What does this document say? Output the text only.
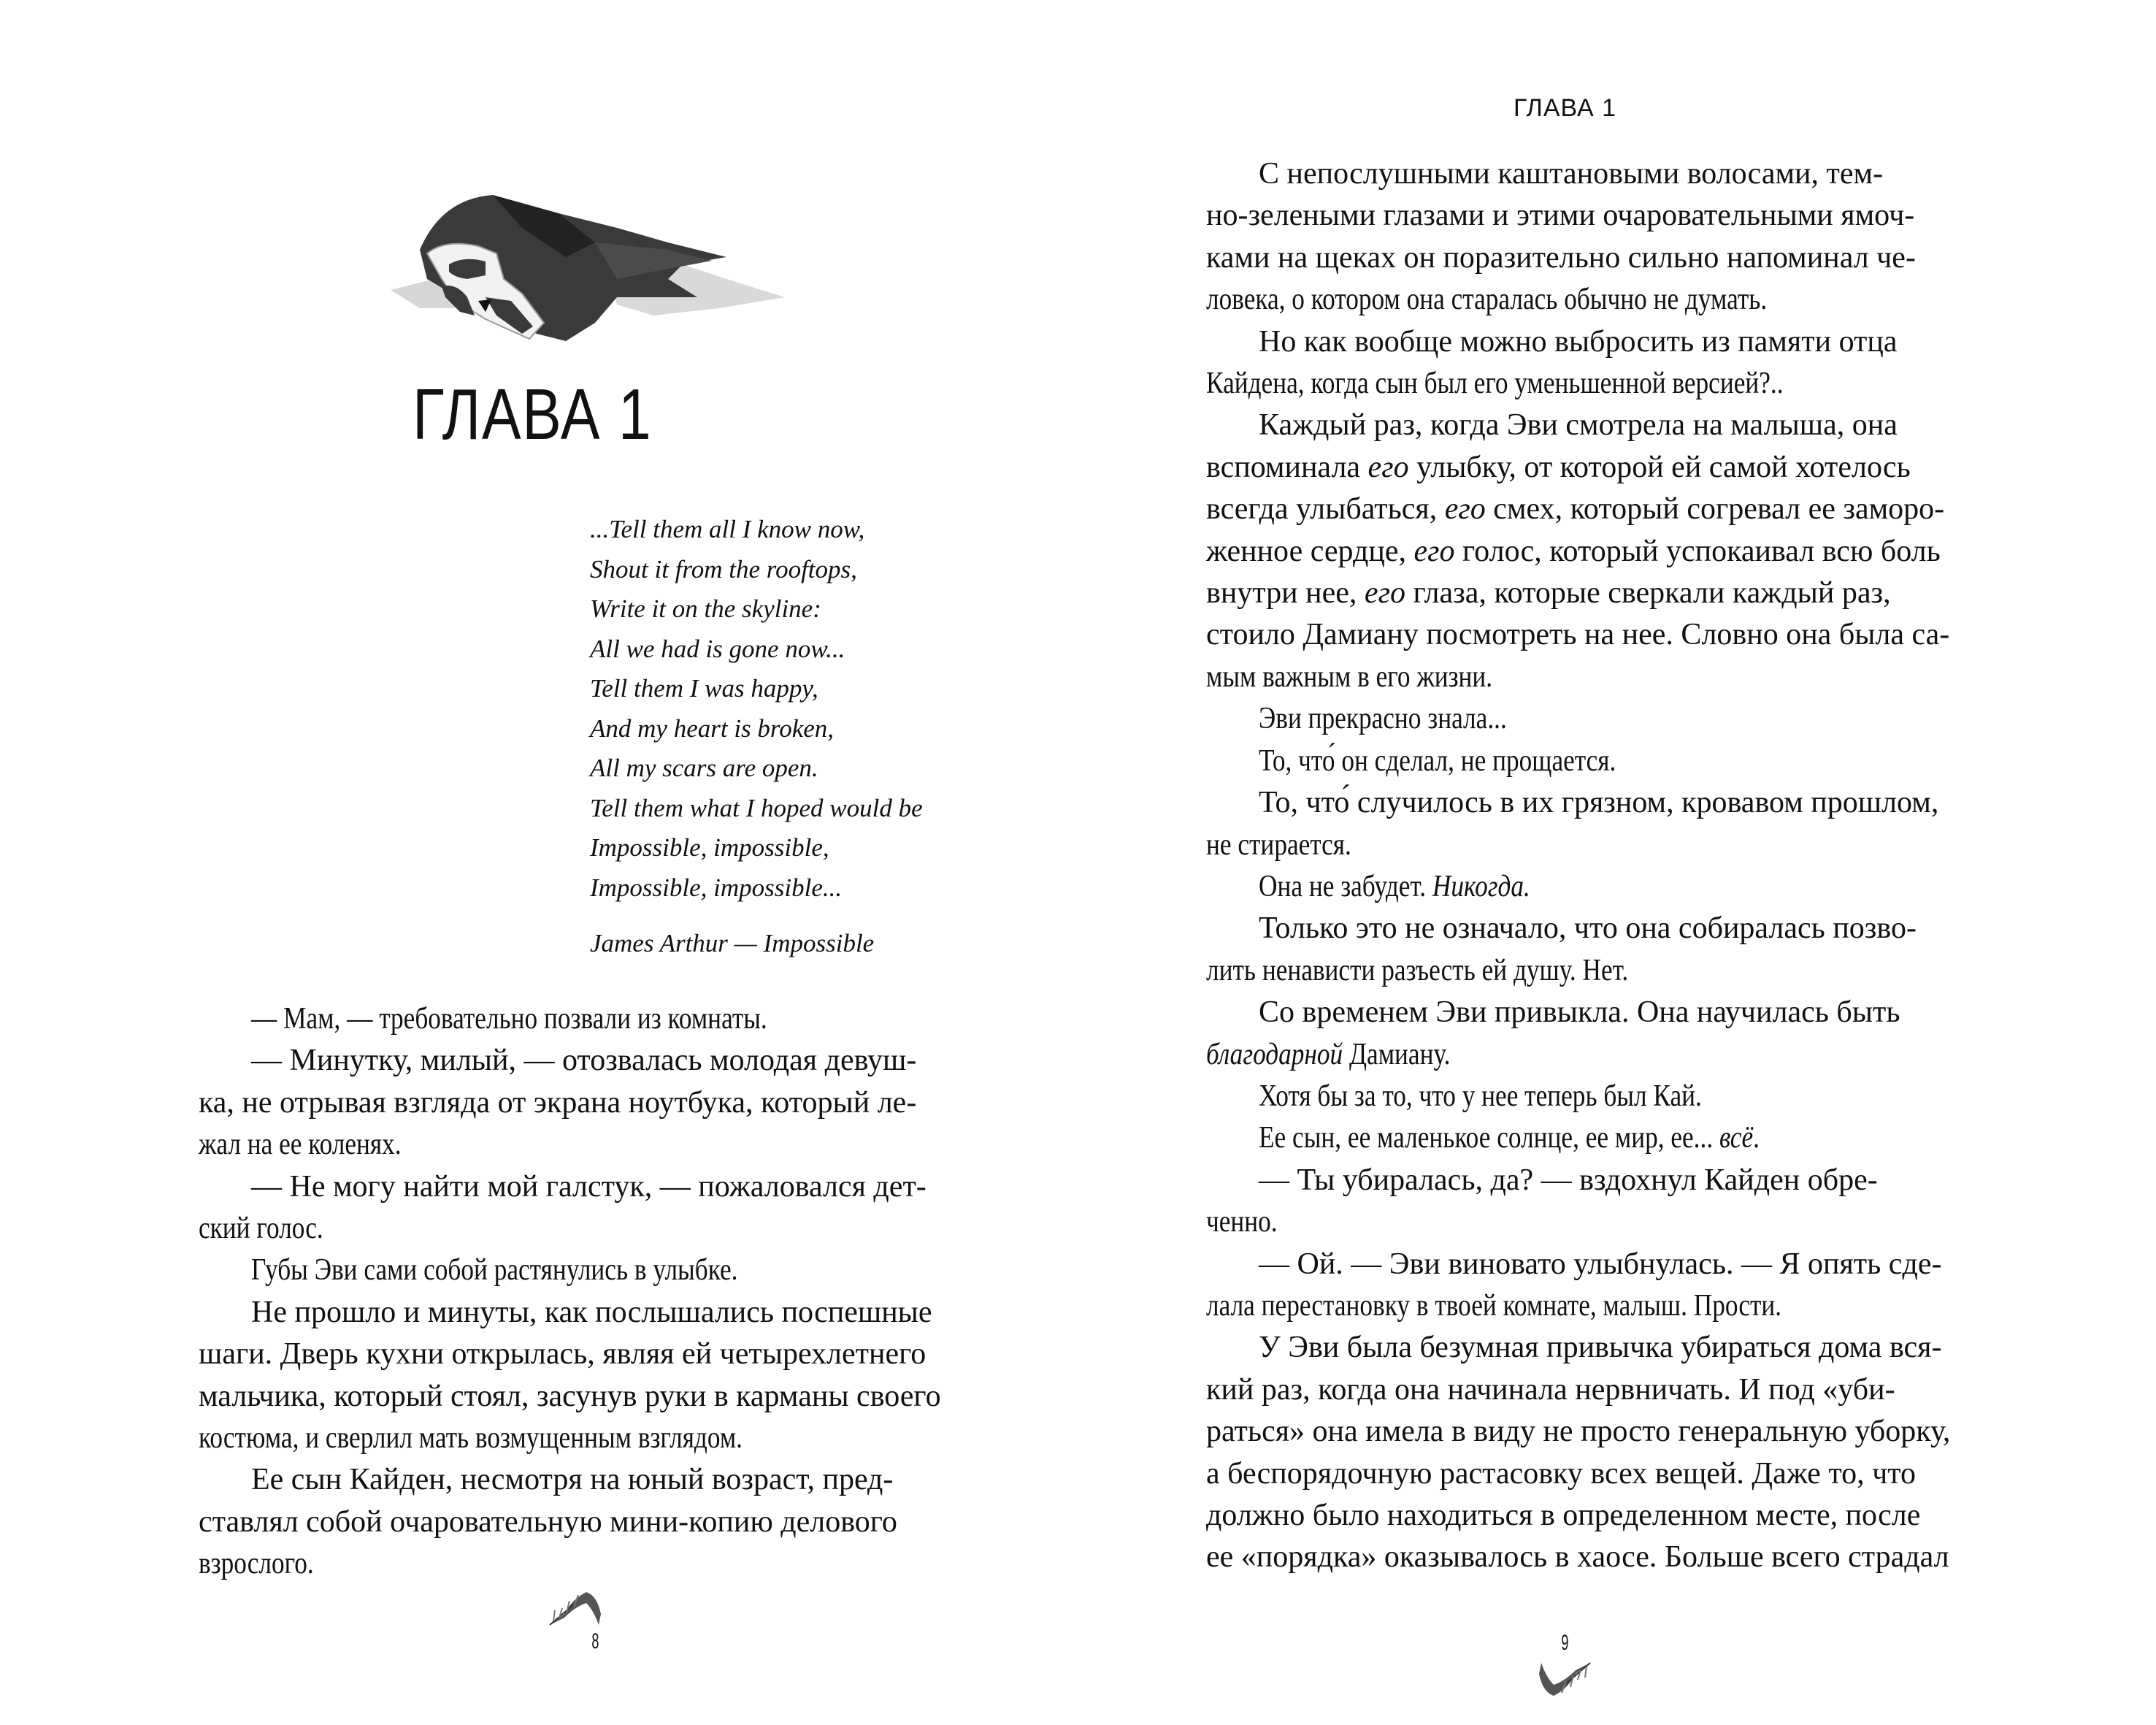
ГЛАВА 1
...Tell them all I know now,
Shout it from the rooftops,
Write it on the skyline:
All we had is gone now...
Tell them I was happy,
And my heart is broken,
All my scars are open.
Tell them what I hoped would be
Impossible, impossible,
Impossible, impossible...
James Arthur — Impossible
— Мам, — требовательно позвали из комнаты.
— Минутку, милый, — отозвалась молодая девуш-
ка, не отрывая взгляда от экрана ноутбука, который ле-
жал на ее коленях.
— Не могу найти мой галстук, — пожаловался дет-
ский голос.
Губы Эви сами собой растянулись в улыбке.
Не прошло и минуты, как послышались поспешные
шаги. Дверь кухни открылась, являя ей четырехлетнего
мальчика, который стоял, засунув руки в карманы своего
костюма, и сверлил мать возмущенным взглядом.
Ее сын Кайден, несмотря на юный возраст, пред-
ставлял собой очаровательную мини-копию делового
взрослого.
8
ГЛАВА 1
С непослушными каштановыми волосами, тем-
но-зелеными глазами и этими очаровательными ямоч-
ками на щеках он поразительно сильно напоминал че-
ловека, о котором она старалась обычно не думать.
Но как вообще можно выбросить из памяти отца
Кайдена, когда сын был его уменьшенной версией?..
Каждый раз, когда Эви смотрела на малыша, она
вспоминала его улыбку, от которой ей самой хотелось
всегда улыбаться, его смех, который согревал ее заморо-
женное сердце, его голос, который успокаивал всю боль
внутри нее, его глаза, которые сверкали каждый раз,
стоило Дамиану посмотреть на нее. Словно она была са-
мым важным в его жизни.
Эви прекрасно знала...
То, что́ он сделал, не прощается.
То, что́ случилось в их грязном, кровавом прошлом,
не стирается.
Она не забудет. Никогда.
Только это не означало, что она собиралась позво-
лить ненависти разъесть ей душу. Нет.
Со временем Эви привыкла. Она научилась быть
благодарной Дамиану.
Хотя бы за то, что у нее теперь был Кай.
Ее сын, ее маленькое солнце, ее мир, ее... всё.
— Ты убиралась, да? — вздохнул Кайден обре-
ченно.
— Ой. — Эви виновато улыбнулась. — Я опять сде-
лала перестановку в твоей комнате, малыш. Прости.
У Эви была безумная привычка убираться дома вся-
кий раз, когда она начинала нервничать. И под «уби-
раться» она имела в виду не просто генеральную уборку,
а беспорядочную растасовку всех вещей. Даже то, что
должно было находиться в определенном месте, после
ее «порядка» оказывалось в хаосе. Больше всего страдал
9
